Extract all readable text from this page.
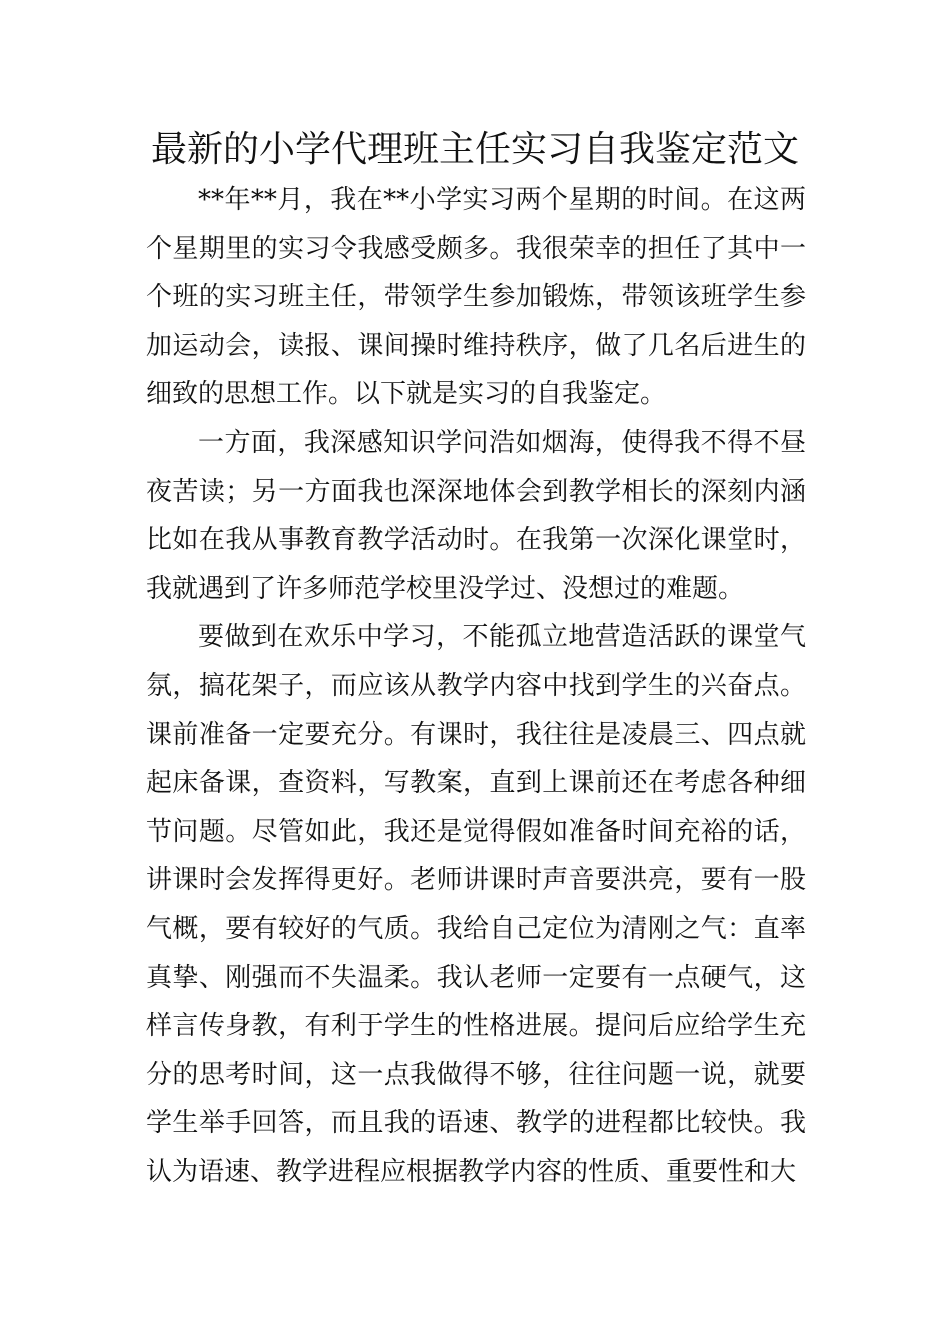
最新的小学代理班主任实习自我鉴定范文

**年**月，我在**小学实习两个星期的时间。在这两个星期里的实习令我感受颇多。我很荣幸的担任了其中一个班的实习班主任，带领学生参加锻炼，带领该班学生参加运动会，读报、课间操时维持秩序，做了几名后进生的细致的思想工作。以下就是实习的自我鉴定。

一方面，我深感知识学问浩如烟海，使得我不得不昼夜苦读；另一方面我也深深地体会到教学相长的深刻内涵比如在我从事教育教学活动时。在我第一次深化课堂时，我就遇到了许多师范学校里没学过、没想过的难题。

要做到在欢乐中学习，不能孤立地营造活跃的课堂气氛，搞花架子，而应该从教学内容中找到学生的兴奋点。课前准备一定要充分。有课时，我往往是凌晨三、四点就起床备课，查资料，写教案，直到上课前还在考虑各种细节问题。尽管如此，我还是觉得假如准备时间充裕的话，讲课时会发挥得更好。老师讲课时声音要洪亮，要有一股气概，要有较好的气质。我给自己定位为清刚之气：直率真挚、刚强而不失温柔。我认老师一定要有一点硬气，这样言传身教，有利于学生的性格进展。提问后应给学生充分的思考时间，这一点我做得不够，往往问题一说，就要学生举手回答，而且我的语速、教学的进程都比较快。我认为语速、教学进程应根据教学内容的性质、重要性和大
